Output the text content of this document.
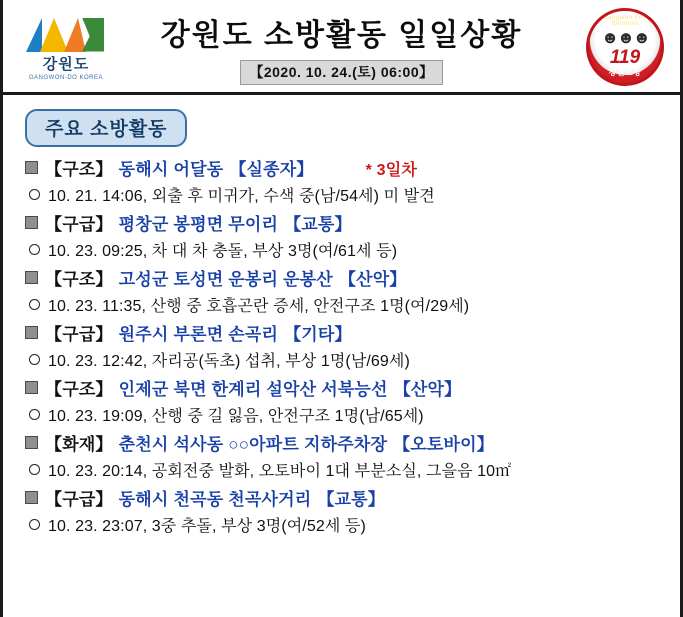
강원도
GANGWON-DO KOREA
강원도 소방활동 일일상황
【2020. 10. 24.(토) 06:00】
Gangwon Fire Services
☻☻☻
119
강원소방
주요 소방활동
【구조】 동해시 어달동 【실종자】	* 3일차
10. 21. 14:06, 외출 후 미귀가, 수색 중(남/54세) 미 발견
【구급】 평창군 봉평면 무이리 【교통】
10. 23. 09:25, 차 대 차 충돌, 부상 3명(여/61세 등)
【구조】 고성군 토성면 운봉리 운봉산 【산악】
10. 23. 11:35, 산행 중 호흡곤란 증세, 안전구조 1명(여/29세)
【구급】 원주시 부론면 손곡리 【기타】
10. 23. 12:42, 자리공(독초) 섭취, 부상 1명(남/69세)
【구조】 인제군 북면 한계리 설악산 서북능선 【산악】
10. 23. 19:09, 산행 중 길 잃음, 안전구조 1명(남/65세)
【화재】 춘천시 석사동 ○○아파트 지하주차장 【오토바이】
10. 23. 20:14, 공회전중 발화, 오토바이 1대 부분소실, 그을음 10㎡
【구급】 동해시 천곡동 천곡사거리 【교통】
10. 23. 23:07, 3중 추돌, 부상 3명(여/52세 등)
